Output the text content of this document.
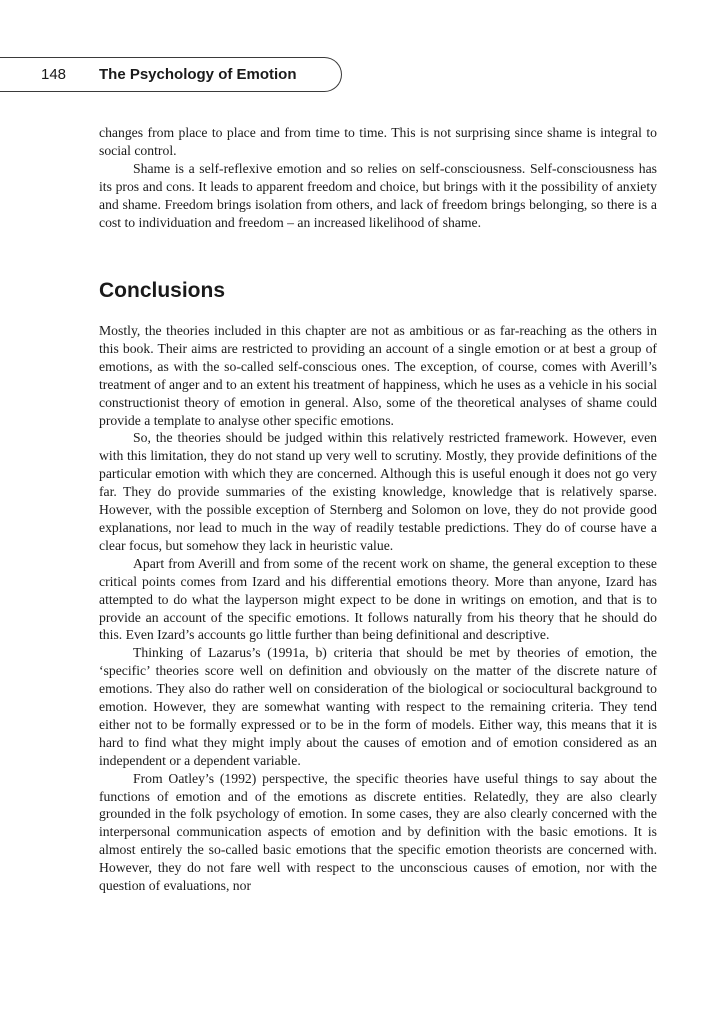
148 The Psychology of Emotion

changes from place to place and from time to time. This is not surprising since shame is integral to social control.

Shame is a self-reflexive emotion and so relies on self-consciousness. Self-consciousness has its pros and cons. It leads to apparent freedom and choice, but brings with it the possibility of anxiety and shame. Freedom brings isolation from others, and lack of freedom brings belonging, so there is a cost to individuation and freedom – an increased likelihood of shame.

Conclusions

Mostly, the theories included in this chapter are not as ambitious or as far-reaching as the others in this book. Their aims are restricted to providing an account of a single emotion or at best a group of emotions, as with the so-called self-conscious ones. The exception, of course, comes with Averill’s treatment of anger and to an extent his treatment of happiness, which he uses as a vehicle in his social constructionist theory of emotion in general. Also, some of the theoretical analyses of shame could provide a template to analyse other specific emotions.

So, the theories should be judged within this relatively restricted framework. However, even with this limitation, they do not stand up very well to scrutiny. Mostly, they provide definitions of the particular emotion with which they are concerned. Although this is useful enough it does not go very far. They do provide summaries of the existing knowledge, knowledge that is relatively sparse. However, with the possible exception of Sternberg and Solomon on love, they do not provide good explanations, nor lead to much in the way of readily testable predictions. They do of course have a clear focus, but somehow they lack in heuristic value.

Apart from Averill and from some of the recent work on shame, the general exception to these critical points comes from Izard and his differential emotions theory. More than anyone, Izard has attempted to do what the layperson might expect to be done in writings on emotion, and that is to provide an account of the specific emotions. It follows naturally from his theory that he should do this. Even Izard’s accounts go little further than being definitional and descriptive.

Thinking of Lazarus’s (1991a, b) criteria that should be met by theories of emotion, the ‘specific’ theories score well on definition and obviously on the matter of the discrete nature of emotions. They also do rather well on consideration of the biological or sociocultural background to emotion. However, they are somewhat wanting with respect to the remaining criteria. They tend either not to be formally expressed or to be in the form of models. Either way, this means that it is hard to find what they might imply about the causes of emotion and of emotion considered as an independent or a dependent variable.

From Oatley’s (1992) perspective, the specific theories have useful things to say about the functions of emotion and of the emotions as discrete entities. Relatedly, they are also clearly grounded in the folk psychology of emotion. In some cases, they are also clearly concerned with the interpersonal communication aspects of emotion and by definition with the basic emotions. It is almost entirely the so-called basic emotions that the specific emotion theorists are concerned with. However, they do not fare well with respect to the unconscious causes of emotion, nor with the question of evaluations, nor
